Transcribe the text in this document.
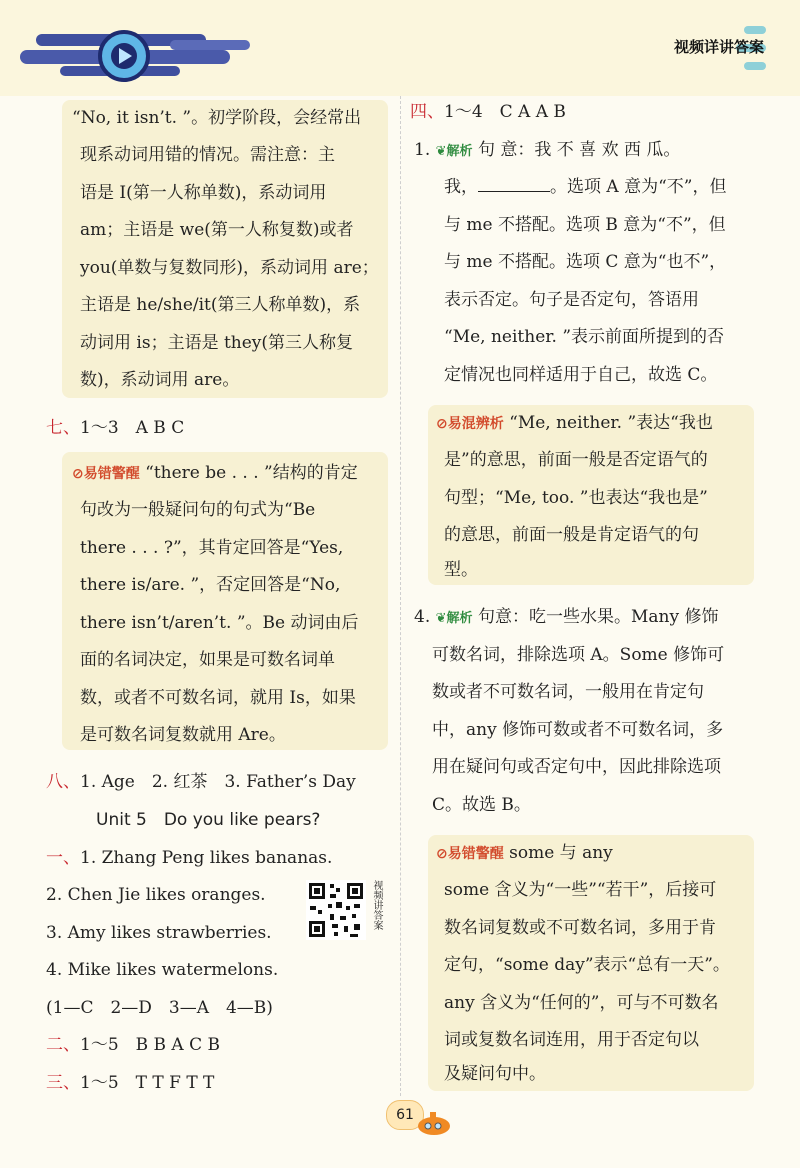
视频详讲答案
“No, it isn’t. ”。初学阶段，会经常出
现系动词用错的情况。需注意：主
语是 I(第一人称单数)，系动词用
am；主语是 we(第一人称复数)或者
you(单数与复数同形)，系动词用 are；
主语是 he/she/it(第三人称单数)，系
动词用 is；主语是 they(第三人称复
数)，系动词用 are。
七、1～3　A B C
⊘易错警醒 “there be . . . ”结构的肯定
句改为一般疑问句的句式为“Be
there . . . ?”，其肯定回答是“Yes,
there is/are. ”，否定回答是“No,
there isn’t/aren’t. ”。Be 动词由后
面的名词决定，如果是可数名词单
数，或者不可数名词，就用 Is，如果
是可数名词复数就用 Are。
八、1. Age　2. 红茶　3. Father’s Day
Unit 5　Do you like pears?
一、1. Zhang Peng likes bananas.
2. Chen Jie likes oranges.
3. Amy likes strawberries.
4. Mike likes watermelons.
(1—C　2—D　3—A　4—B)
视频讲答案
二、1～5　B B A C B
三、1～5　T T F T T
四、1～4　C A A B
1. ❦解析 句 意：我 不 喜 欢 西 瓜。
我，	。选项 A 意为“不”，但
与 me 不搭配。选项 B 意为“不”，但
与 me 不搭配。选项 C 意为“也不”，
表示否定。句子是否定句，答语用
“Me, neither. ”表示前面所提到的否
定情况也同样适用于自己，故选 C。
⊘易混辨析 “Me, neither. ”表达“我也
是”的意思，前面一般是否定语气的
句型；“Me, too. ”也表达“我也是”
的意思，前面一般是肯定语气的句
型。
4. ❦解析 句意：吃一些水果。Many 修饰
可数名词，排除选项 A。Some 修饰可
数或者不可数名词，一般用在肯定句
中，any 修饰可数或者不可数名词，多
用在疑问句或否定句中，因此排除选项
C。故选 B。
⊘易错警醒 some 与 any
some 含义为“一些”“若干”，后接可
数名词复数或不可数名词，多用于肯
定句，“some day”表示“总有一天”。
any 含义为“任何的”，可与不可数名
词或复数名词连用，用于否定句以
及疑问句中。
61
